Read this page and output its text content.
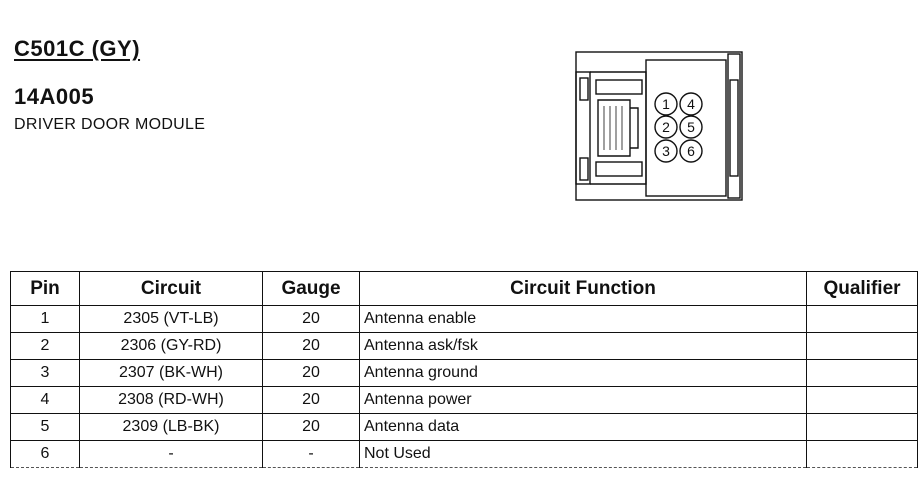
C501C (GY)
14A005
DRIVER DOOR MODULE
1 4
2 5
3 6
Pin	Circuit	Gauge	Circuit Function	Qualifier
1	2305 (VT-LB)	20	Antenna enable	
2	2306 (GY-RD)	20	Antenna ask/fsk	
3	2307 (BK-WH)	20	Antenna ground	
4	2308 (RD-WH)	20	Antenna power	
5	2309 (LB-BK)	20	Antenna data	
6	-	-	Not Used	
